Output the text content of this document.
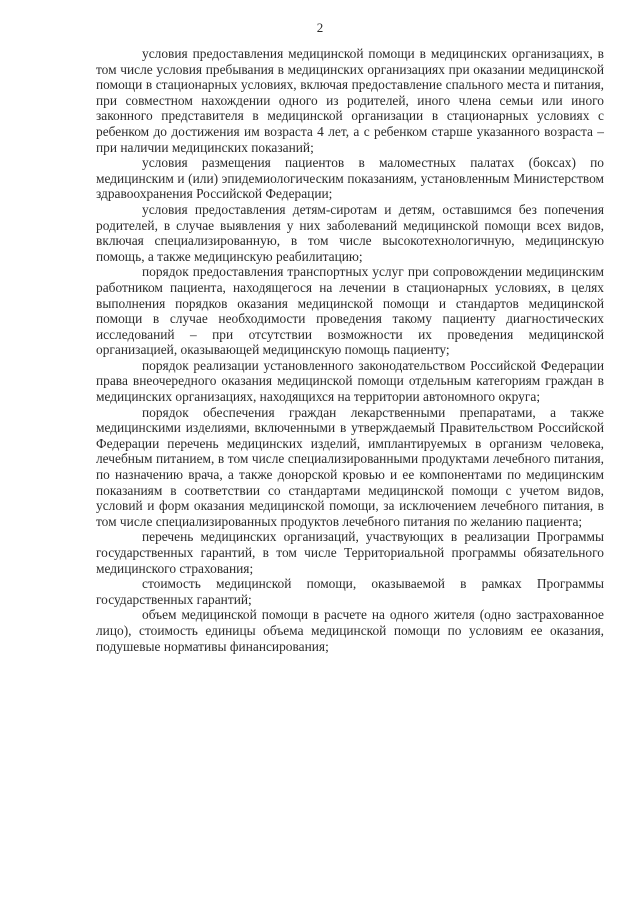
2

условия предоставления медицинской помощи в медицинских организациях, в том числе условия пребывания в медицинских организациях при оказании медицинской помощи в стационарных условиях, включая предоставление спального места и питания, при совместном нахождении одного из родителей, иного члена семьи или иного законного представителя в медицинской организации в стационарных условиях с ребенком до достижения им возраста 4 лет, а с ребенком старше указанного возраста – при наличии медицинских показаний;

условия размещения пациентов в маломестных палатах (боксах) по медицинским и (или) эпидемиологическим показаниям, установленным Министерством здравоохранения Российской Федерации;

условия предоставления детям-сиротам и детям, оставшимся без попечения родителей, в случае выявления у них заболеваний медицинской помощи всех видов, включая специализированную, в том числе высокотехнологичную, медицинскую помощь, а также медицинскую реабилитацию;

порядок предоставления транспортных услуг при сопровождении медицинским работником пациента, находящегося на лечении в стационарных условиях, в целях выполнения порядков оказания медицинской помощи и стандартов медицинской помощи в случае необходимости проведения такому пациенту диагностических исследований – при отсутствии возможности их проведения медицинской организацией, оказывающей медицинскую помощь пациенту;

порядок реализации установленного законодательством Российской Федерации права внеочередного оказания медицинской помощи отдельным категориям граждан в медицинских организациях, находящихся на территории автономного округа;

порядок обеспечения граждан лекарственными препаратами, а также медицинскими изделиями, включенными в утверждаемый Правительством Российской Федерации перечень медицинских изделий, имплантируемых в организм человека, лечебным питанием, в том числе специализированными продуктами лечебного питания, по назначению врача, а также донорской кровью и ее компонентами по медицинским показаниям в соответствии со стандартами медицинской помощи с учетом видов, условий и форм оказания медицинской помощи, за исключением лечебного питания, в том числе специализированных продуктов лечебного питания по желанию пациента;

перечень медицинских организаций, участвующих в реализации Программы государственных гарантий, в том числе Территориальной программы обязательного медицинского страхования;

стоимость медицинской помощи, оказываемой в рамках Программы государственных гарантий;

объем медицинской помощи в расчете на одного жителя (одно застрахованное лицо), стоимость единицы объема медицинской помощи по условиям ее оказания, подушевые нормативы финансирования;
